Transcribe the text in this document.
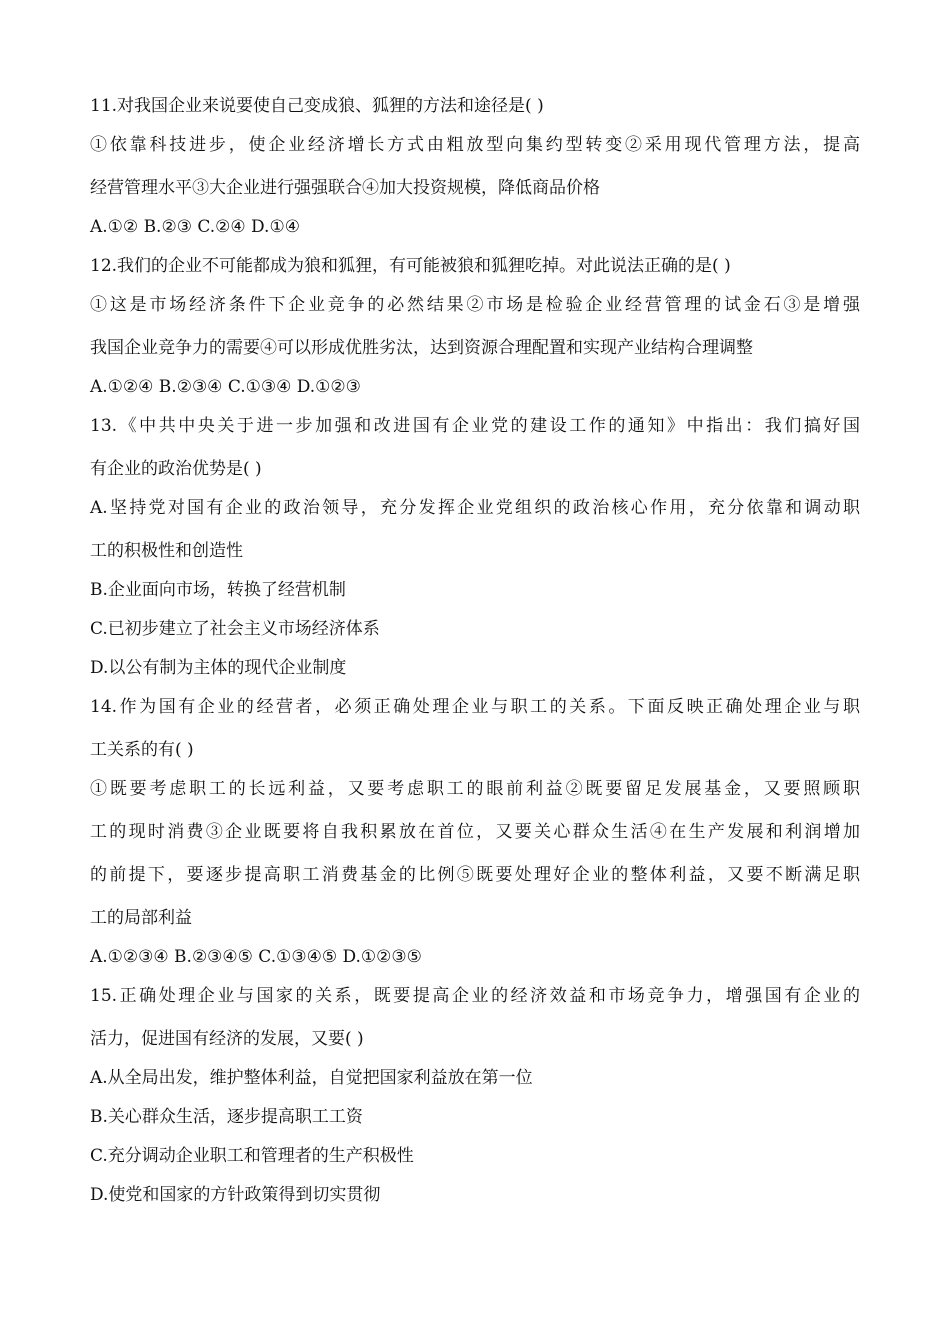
11.对我国企业来说要使自己变成狼、狐狸的方法和途径是( )

①依靠科技进步，使企业经济增长方式由粗放型向集约型转变②采用现代管理方法，提高

经营管理水平③大企业进行强强联合④加大投资规模，降低商品价格

A.①② B.②③ C.②④ D.①④

12.我们的企业不可能都成为狼和狐狸，有可能被狼和狐狸吃掉。对此说法正确的是( )

①这是市场经济条件下企业竞争的必然结果②市场是检验企业经营管理的试金石③是增强

我国企业竞争力的需要④可以形成优胜劣汰，达到资源合理配置和实现产业结构合理调整

A.①②④ B.②③④ C.①③④ D.①②③

13.《中共中央关于进一步加强和改进国有企业党的建设工作的通知》中指出：我们搞好国

有企业的政治优势是( )

A.坚持党对国有企业的政治领导，充分发挥企业党组织的政治核心作用，充分依靠和调动职

工的积极性和创造性

B.企业面向市场，转换了经营机制

C.已初步建立了社会主义市场经济体系

D.以公有制为主体的现代企业制度

14.作为国有企业的经营者，必须正确处理企业与职工的关系。下面反映正确处理企业与职

工关系的有( )

①既要考虑职工的长远利益，又要考虑职工的眼前利益②既要留足发展基金，又要照顾职

工的现时消费③企业既要将自我积累放在首位，又要关心群众生活④在生产发展和利润增加

的前提下，要逐步提高职工消费基金的比例⑤既要处理好企业的整体利益，又要不断满足职

工的局部利益

A.①②③④ B.②③④⑤ C.①③④⑤ D.①②③⑤

15.正确处理企业与国家的关系，既要提高企业的经济效益和市场竞争力，增强国有企业的

活力，促进国有经济的发展，又要( )

A.从全局出发，维护整体利益，自觉把国家利益放在第一位

B.关心群众生活，逐步提高职工工资

C.充分调动企业职工和管理者的生产积极性

D.使党和国家的方针政策得到切实贯彻
